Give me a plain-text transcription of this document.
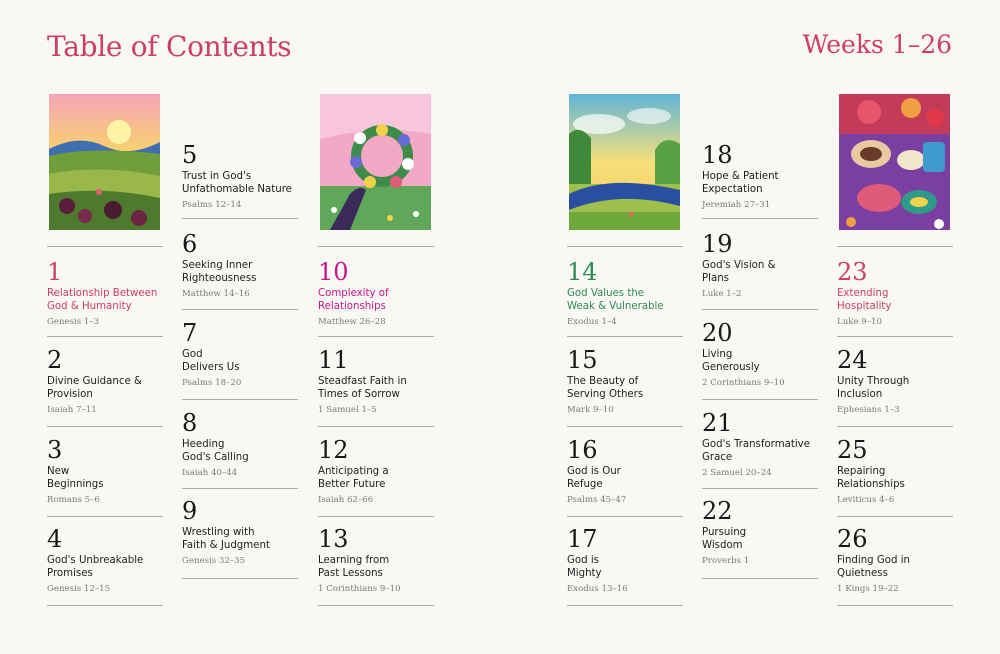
Table of Contents	Weeks 1–26
1
Relationship Between
God & Humanity
Genesis 1–3
2
Divine Guidance &
Provision
Isaiah 7–11
3
New
Beginnings
Romans 5–6
4
God's Unbreakable
Promises
Genesis 12–15
5
Trust in God's
Unfathomable Nature
Psalms 12–14
6
Seeking Inner
Righteousness
Matthew 14–16
7
God
Delivers Us
Psalms 18–20
8
Heeding
God's Calling
Isaiah 40–44
9
Wrestling with
Faith & Judgment
Genesis 32–35
10
Complexity of
Relationships
Matthew 26–28
11
Steadfast Faith in
Times of Sorrow
1 Samuel 1–5
12
Anticipating a
Better Future
Isaiah 62–66
13
Learning from
Past Lessons
1 Corinthians 9–10
14
God Values the
Weak & Vulnerable
Exodus 1–4
15
The Beauty of
Serving Others
Mark 9–10
16
God is Our
Refuge
Psalms 45–47
17
God is
Mighty
Exodus 13–16
18
Hope & Patient
Expectation
Jeremiah 27–31
19
God's Vision &
Plans
Luke 1–2
20
Living
Generously
2 Corinthians 9–10
21
God's Transformative
Grace
2 Samuel 20–24
22
Pursuing
Wisdom
Proverbs 1
23
Extending
Hospitality
Luke 9–10
24
Unity Through
Inclusion
Ephesians 1–3
25
Repairing
Relationships
Leviticus 4–6
26
Finding God in
Quietness
1 Kings 19–22
